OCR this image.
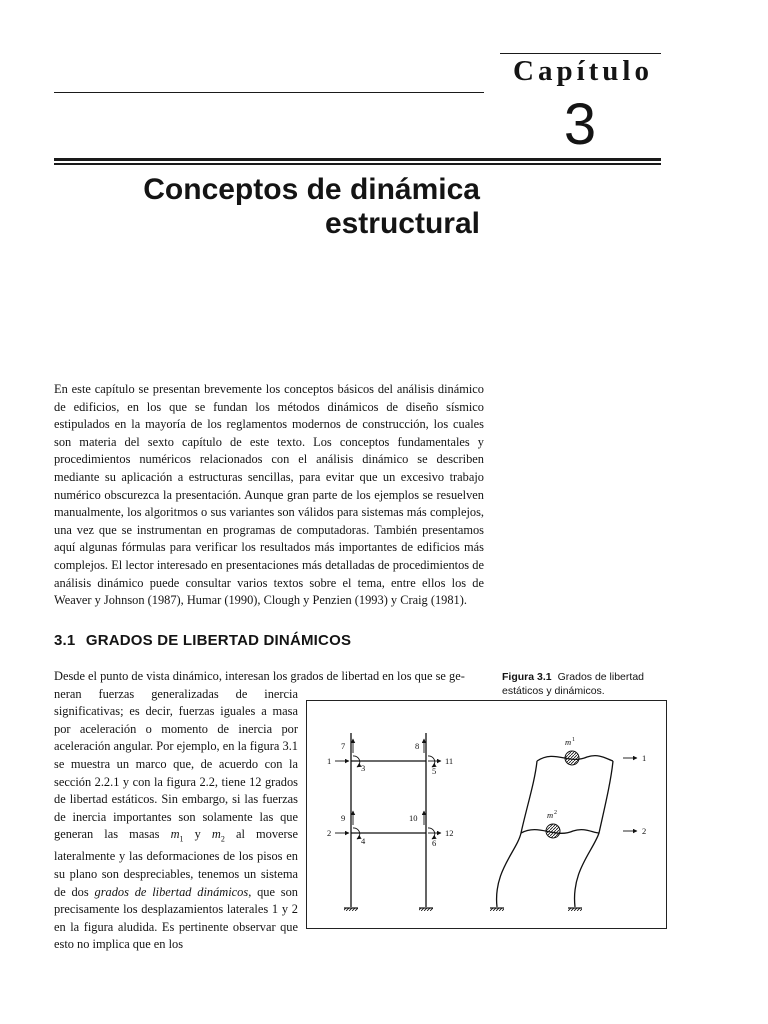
Capítulo
3
Conceptos de dinámica
estructural

En este capítulo se presentan brevemente los conceptos básicos del análisis dinámico de edificios, en los que se fundan los métodos dinámicos de diseño sísmico estipulados en la mayoría de los reglamentos modernos de construcción, los cuales son materia del sexto capítulo de este texto. Los conceptos fundamentales y procedimientos numéricos relacionados con el análisis dinámico se describen mediante su aplicación a estructuras sencillas, para evitar que un excesivo trabajo numérico obscurezca la presentación. Aunque gran parte de los ejemplos se resuelven manualmente, los algoritmos o sus variantes son válidos para sistemas más complejos, una vez que se instrumentan en programas de computadoras. También presentamos aquí algunas fórmulas para verificar los resultados más importantes de edificios más complejos. El lector interesado en presentaciones más detalladas de procedimientos de análisis dinámico puede consultar varios textos sobre el tema, entre ellos los de Weaver y Johnson (1987), Humar (1990), Clough y Penzien (1993) y Craig (1981).

3.1 GRADOS DE LIBERTAD DINÁMICOS
Desde el punto de vista dinámico, interesan los grados de libertad en los que se ge-

neran fuerzas generalizadas de inercia significativas; es decir, fuerzas iguales a masa por aceleración o momento de inercia por aceleración angular. Por ejemplo, en la figura 3.1 se muestra un marco que, de acuerdo con la sección 2.2.1 y con la figura 2.2, tiene 12 grados de libertad estáticos. Sin embargo, si las fuerzas de inercia importantes son solamente las que generan las masas $m_1$ y $m_2$ al moverse lateralmente y las deformaciones de los pisos en su plano son despreciables, tenemos un sistema de dos grados de libertad dinámicos, que son precisamente los desplazamientos laterales 1 y 2 en la figura aludida. Es pertinente observar que esto no implica que en los

Figura 3.1 Grados de libertad estáticos y dinámicos.
1
2
3
4
5
6
7	8
9	10
11
12
m 1
m 2
1
2
